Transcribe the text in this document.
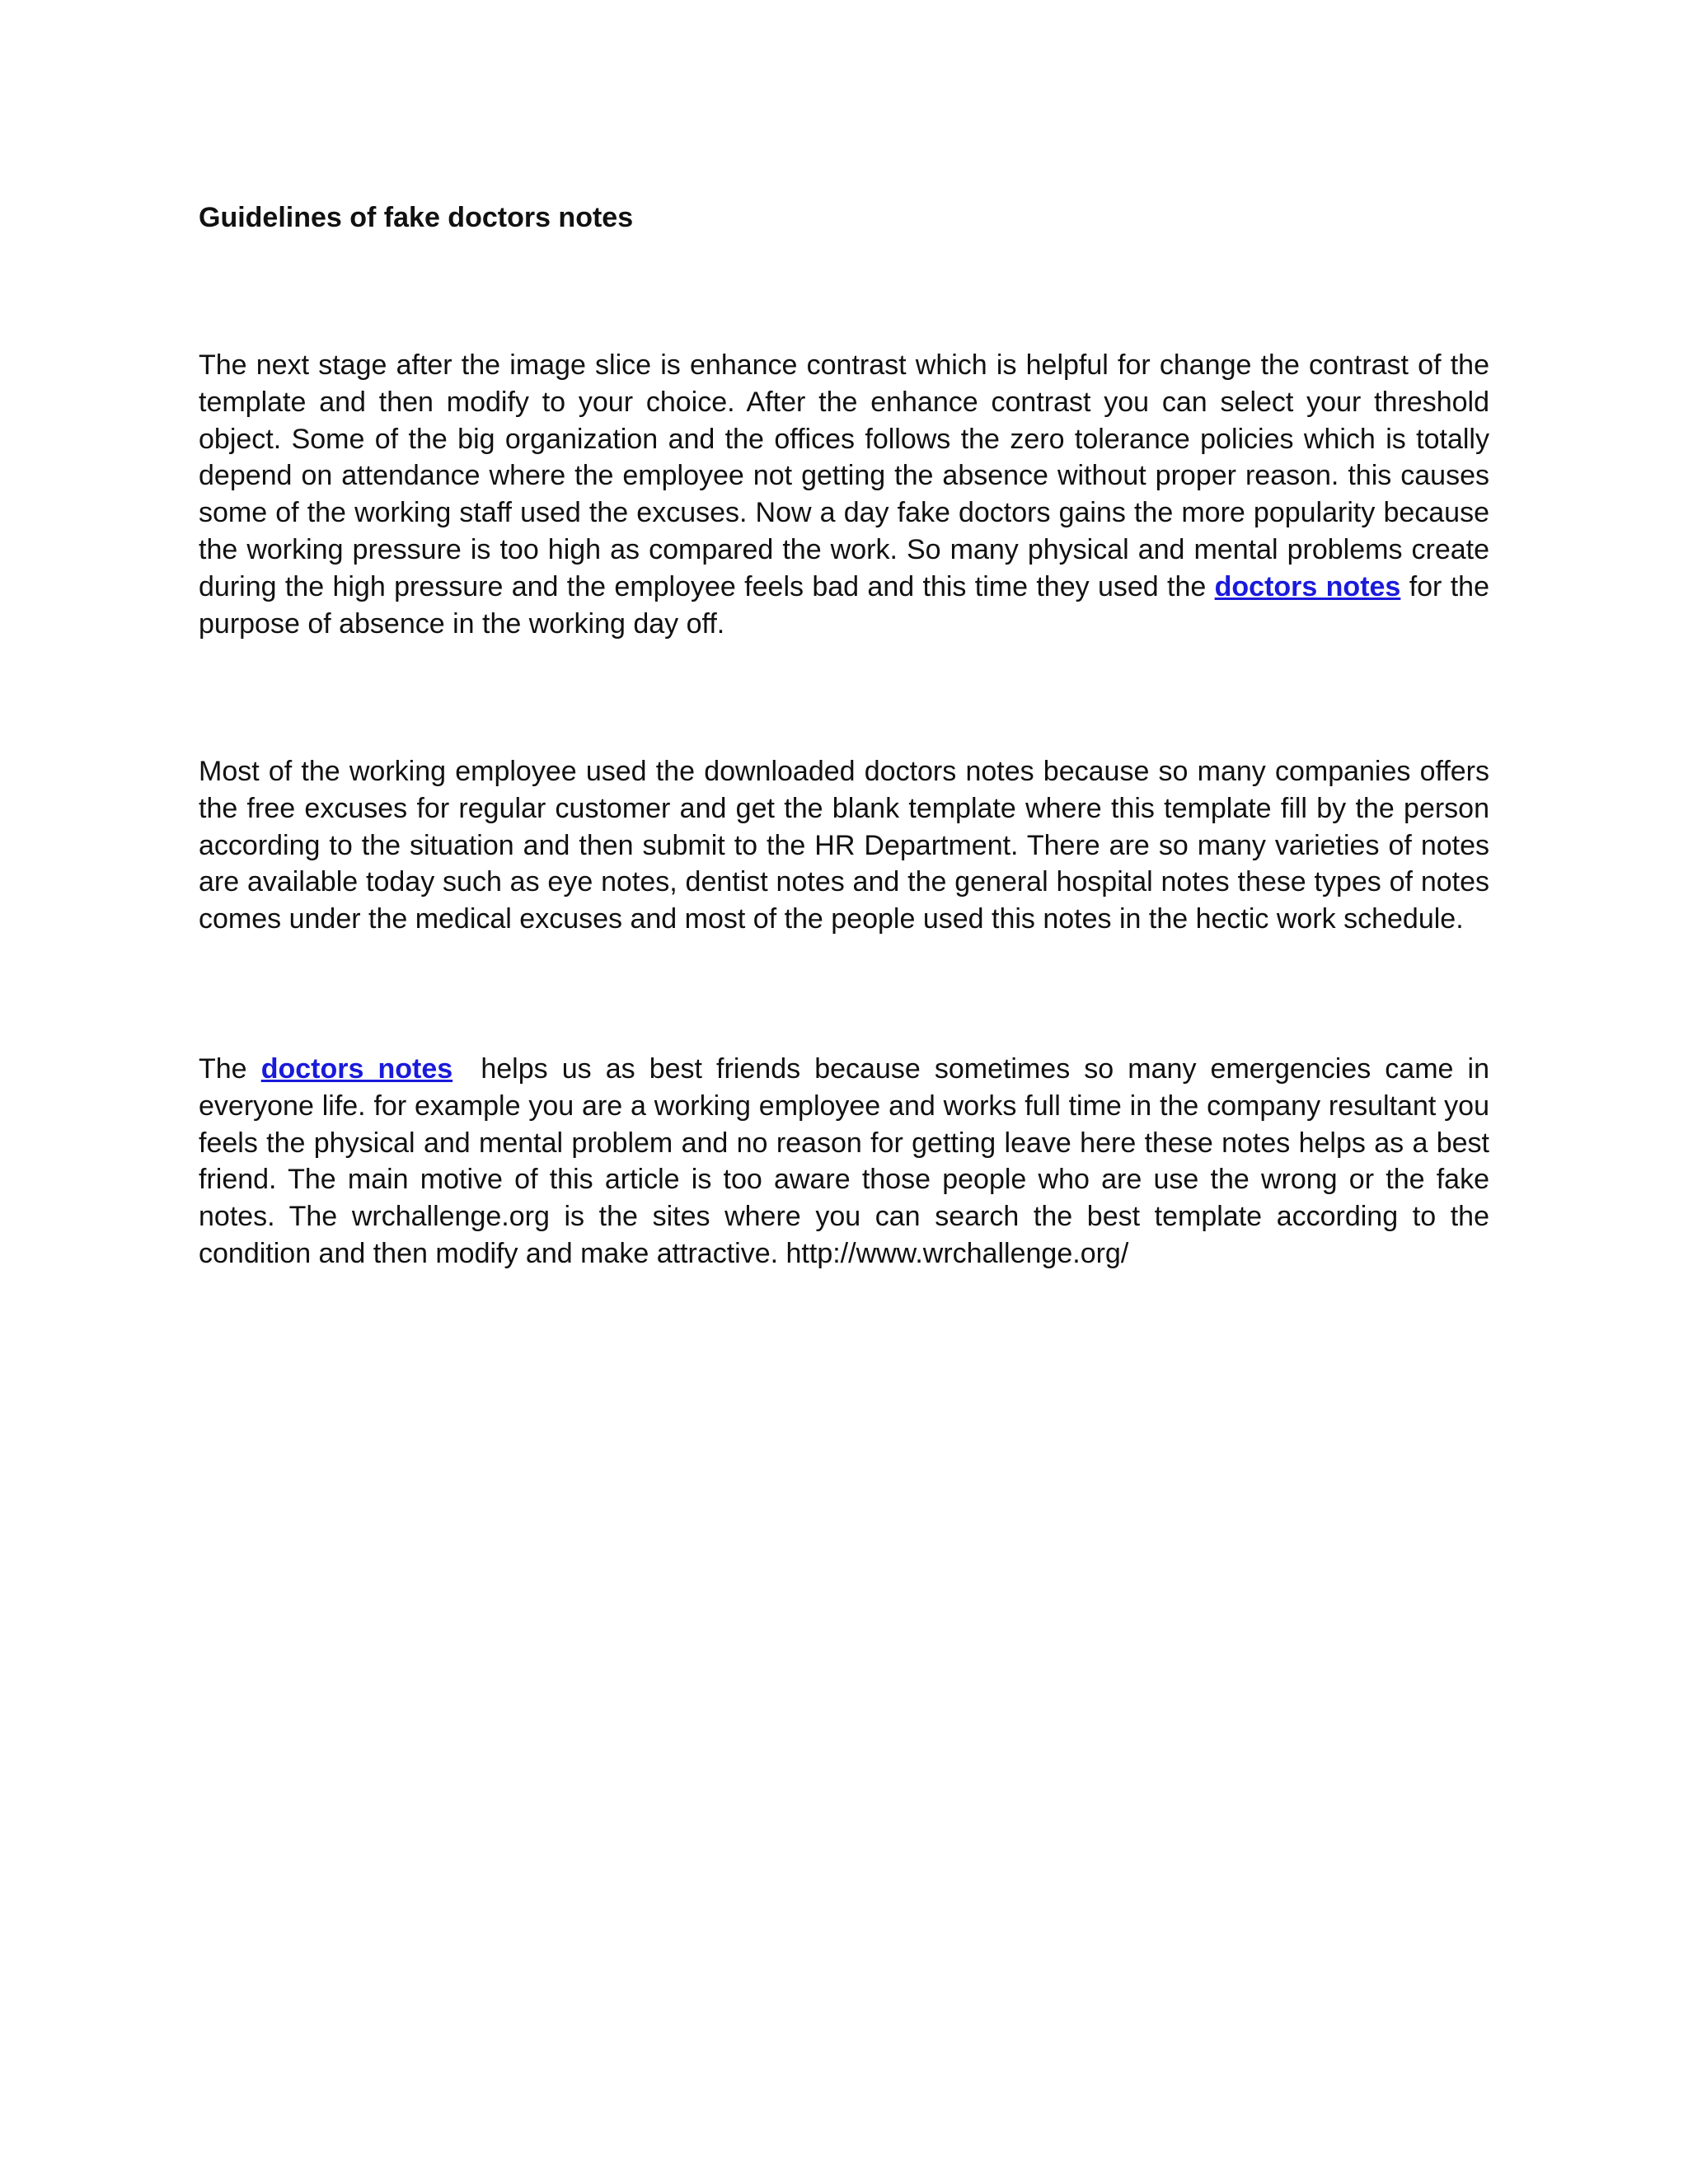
Guidelines of fake doctors notes

The next stage after the image slice is enhance contrast which is helpful for change the contrast of the template and then modify to your choice. After the enhance contrast you can select your threshold object. Some of the big organization and the offices follows the zero tolerance policies which is totally depend on attendance where the employee not getting the absence without proper reason. this causes some of the working staff used the excuses. Now a day fake doctors gains the more popularity because the working pressure is too high as compared the work. So many physical and mental problems create during the high pressure and the employee feels bad and this time they used the doctors notes for the purpose of absence in the working day off.

Most of the working employee used the downloaded doctors notes because so many companies offers the free excuses for regular customer and get the blank template where this template fill by the person according to the situation and then submit to the HR Department. There are so many varieties of notes are available today such as eye notes, dentist notes and the general hospital notes these types of notes comes under the medical excuses and most of the people used this notes in the hectic work schedule.

The doctors notes  helps us as best friends because sometimes so many emergencies came in everyone life. for example you are a working employee and works full time in the company resultant you feels the physical and mental problem and no reason for getting leave here these notes helps as a best friend. The main motive of this article is too aware those people who are use the wrong or the fake notes. The wrchallenge.org is the sites where you can search the best template according to the condition and then modify and make attractive. http://www.wrchallenge.org/
